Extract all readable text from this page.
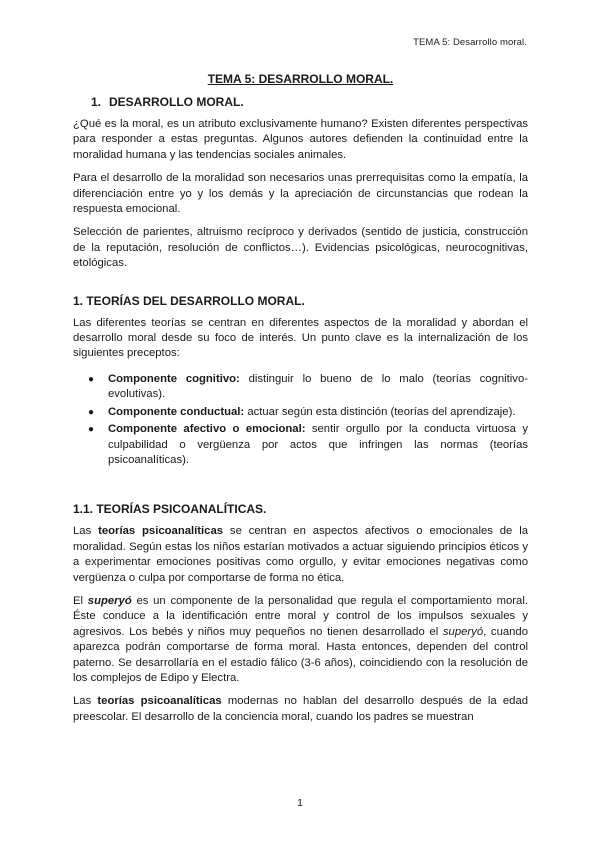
TEMA 5: Desarrollo moral.
TEMA 5: DESARROLLO MORAL.
1. DESARROLLO MORAL.

¿Qué es la moral, es un atributo exclusivamente humano? Existen diferentes perspectivas para responder a estas preguntas. Algunos autores defienden la continuidad entre la moralidad humana y las tendencias sociales animales.

Para el desarrollo de la moralidad son necesarios unas prerrequisitas como la empatía, la diferenciación entre yo y los demás y la apreciación de circunstancias que rodean la respuesta emocional.

Selección de parientes, altruismo recíproco y derivados (sentido de justicia, construcción de la reputación, resolución de conflictos…). Evidencias psicológicas, neurocognitivas, etológicas.

1. TEORÍAS DEL DESARROLLO MORAL.

Las diferentes teorías se centran en diferentes aspectos de la moralidad y abordan el desarrollo moral desde su foco de interés. Un punto clave es la internalización de los siguientes preceptos:

● Componente cognitivo: distinguir lo bueno de lo malo (teorías cognitivo-evolutivas).
● Componente conductual: actuar según esta distinción (teorías del aprendizaje).
● Componente afectivo o emocional: sentir orgullo por la conducta virtuosa y culpabilidad o vergüenza por actos que infringen las normas (teorías psicoanalíticas).
1.1. TEORÍAS PSICOANALÍTICAS.

Las teorías psicoanalíticas se centran en aspectos afectivos o emocionales de la moralidad. Según estas los niños estarían motivados a actuar siguiendo principios éticos y a experimentar emociones positivas como orgullo, y evitar emociones negativas como vergüenza o culpa por comportarse de forma no ética.

El superyó es un componente de la personalidad que regula el comportamiento moral. Éste conduce a la identificación entre moral y control de los impulsos sexuales y agresivos. Los bebés y niños muy pequeños no tienen desarrollado el superyó, cuando aparezca podrán comportarse de forma moral. Hasta entonces, dependen del control paterno. Se desarrollaría en el estadio fálico (3-6 años), coincidiendo con la resolución de los complejos de Edipo y Electra.

Las teorías psicoanalíticas modernas no hablan del desarrollo después de la edad preescolar. El desarrollo de la conciencia moral, cuando los padres se muestran

1
